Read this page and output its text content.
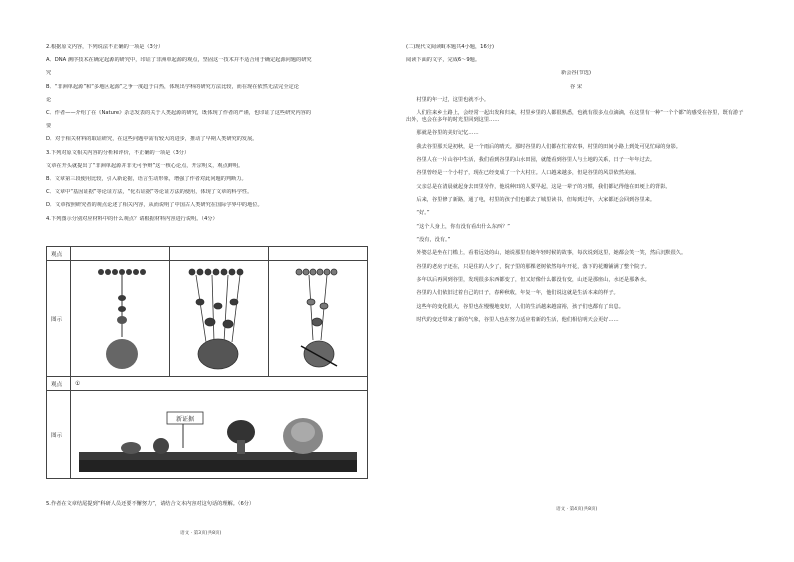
2.根据原文内容，下列说法不正确的一项是（3分）

A．DNA 测序技术在确定起源的研究中，印证了非洲单起源的观点，坚固这一技术并不适合用于确定起源问题的研究

究

B．“非洲单起源”和“多地区起源”之争一度趋于白热，体现出学科的研究方法比较，而在现在依然无法完全定论

论

C．作者——介绍了在《Nature》杂志发表的关于人类起源的研究，既体现了作者的严谨，也印证了这些研究内容的

要

D．对于相关材料的取证研究，在这些问题中需有较大的进步，推动了早期人类研究的发展。

3.下列对原文相关内容的分析和评价，不正确的一项是（3分）

文章在开头就提出了“非洲单起源并非无可争辩”这一核心论点，开宗明义，观点鲜明。

B．文章第三段使用比较，引入新论据，语言生动形象，增强了作者对此问题的判断力。

C．文章中“基因证据”等论证方法，“化石证据”等论证方法的使用，体现了文章的科学性。

D．文章按照研究者的观点论述了相关内容，从而说明了中国古人类研究在国际学界中的地位。

4.下列图示分别对应材料中的什么观点？请根据材料内容进行说明。（4分）

观点			
图示	

观点	①		
图示	新证据		

5.作者在文章结尾提到“科研人员还要不懈努力”，请结合文本内容对这句话的理解。（6分）

语文 · 第3页(共8页)

(二)现代文阅读Ⅱ(本题共4小题，16分)

阅读下面的文字，完成6～9题。

新会谷(节选)

谷 宋

村里的年一过，这里也就不小。

人们往来乡土路上，会经常一起出发和归来，村里乡里的人都很熟悉，也就有很多点点滴滴，在这里有一种“一个个都”的感受在谷里，既有游子出外，也会在多年的时光里回到这里……

那就是谷里的美好记忆……

我去谷里那天是初秋，是一个雨后的晴天。那时谷里的人们都在忙着农事，村里的田间小路上到处可见忙碌的身影。

谷里人在一片山谷中生活，我们看到谷里的山水田园，就能看到谷里人与土地的关系，日子一年年过去。

谷里曾经是一个小村子，现在已经变成了一个大村庄。人口越来越多，但是谷里的风景依然美丽。

父亲总是在清晨就起身去田里劳作，他说种田的人要早起，这是一辈子的习惯，我们都记得他在田埂上的背影。

后来，谷里修了新路，通了电，村里的孩子们也都去了城里读书，但每到过年，大家都还会回到谷里来。

“好。”

“这个人身上，你有没有看出什么东西？”

“没有，没有。”

外婆总是坐在门槛上，看着远处的山，她说那里有她年轻时候的故事，每次说到这里，她都会笑一笑，然后沉默很久。

谷里的老房子还在，只是住的人少了，院子里的那棵老树依然每年开花，落下的花瓣铺满了整个院子。

多年以后再回到谷里，发现很多东西都变了，但又好像什么都没有变，山还是那座山，水还是那条水。

谷里的人们依旧过着自己的日子，春种秋收，年复一年，他们说这就是生活本来的样子。

这些年的变化很大，谷里也在慢慢地变好，人们的生活越来越富裕，孩子们也都有了出息。

时代的变迁带来了新的气象，谷里人也在努力适应着新的生活，他们相信明天会更好……

语文 · 第4页(共8页)
